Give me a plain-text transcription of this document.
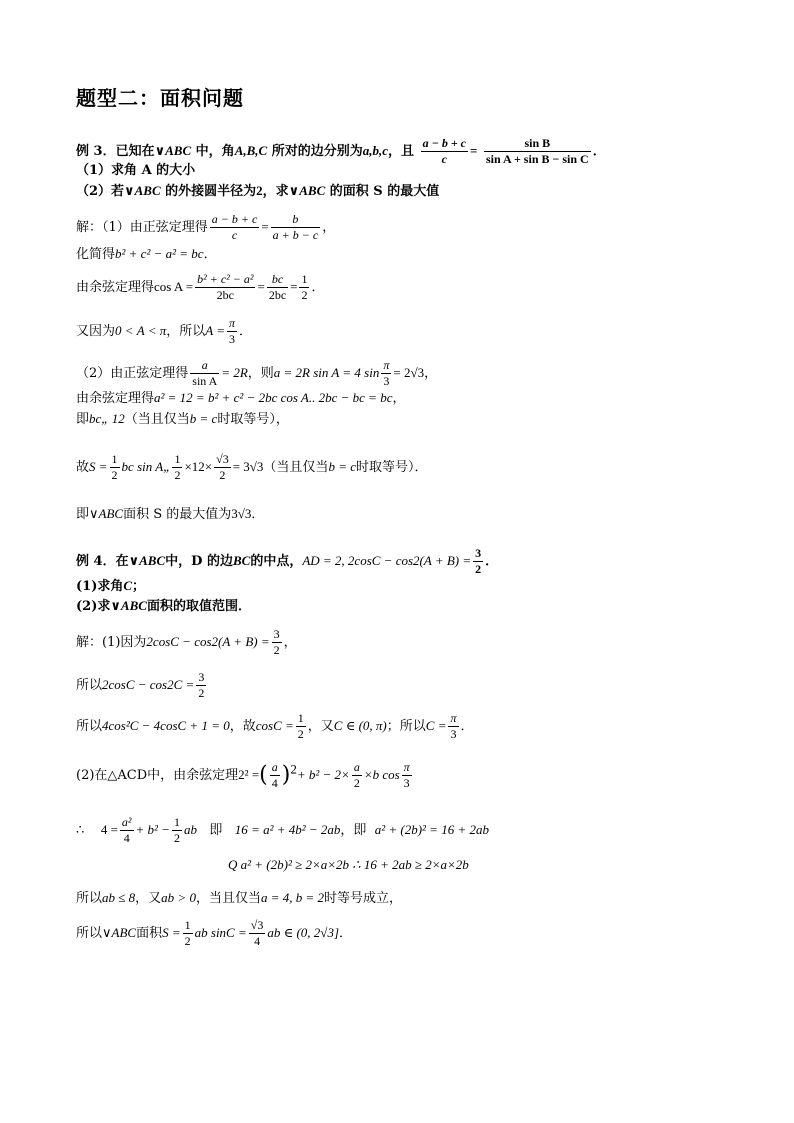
题型二：面积问题
例 3．已知在∨ABC 中，角A,B,C 所对的边分别为a,b,c，且 $\frac{a - b + c}{c} = \frac{\text{sin B}}{\text{sin A + sin B − sin C}}$ ．
（1）求角 A 的大小
（2）若∨ABC 的外接圆半径为2，求∨ABC 的面积 S 的最大值
解：（1）由正弦定理得 $\frac{a - b + c}{c} = \frac{b}{a + b - c}$ ，
化简得b² + c² − a² = bc．
由余弦定理得$\cos A = \frac{\text{b² + c² − a²}}{2bc} = \frac{bc}{2bc} = \frac{1}{2}$ ．
又因为0 < A < π，所以$A = \frac{\pi}{3}$ ．
（2）由正弦定理得 $\frac{a}{\text{sin A}} = 2R$，则a = 2R sin A = 4 $\sin \frac{\pi}{3} = 2√3$，
由余弦定理得a² = 12 = b² + c² − 2bc cos A.. 2bc − bc = bc，
即bc„ 12（当且仅当b = c时取等号），
故$S = \frac{1}{2}$ bc sin A„ $\frac{1}{2} \times 12\times \frac{√3}{2} = 3√3$（当且仅当b = c时取等号）．
即∨ABC面积 S 的最大值为3√3．
例 4．在∨ABC中，D 的边BC的中点，AD = 2, $2\cos C - \cos 2(A + B) = \frac{3}{2}$ ．
(1)求角C；
(2)求∨ABC面积的取值范围．
解：(1)因为$2\cos C - \cos 2(A + B) = \frac{3}{2}$ ，
所以$2\cos C - \cos 2C = \frac{3}{2}$
所以4cos²C − 4cosC + 1 = 0，故$\cos C = \frac{1}{2}$ ，又C ∈ (0, π)；所以$C = \frac{\pi}{3}$ ．
(2)在△ACD中，由余弦定理2² =( $\frac{a}{4} )^2+ b^2 - 2\times \frac{a}{2} \times b$ $\cos \frac{\pi}{3}$
∴ $4 = \frac{\text{a²}}{4} + b^2 - \frac{1}{2}$ ab 即 16 = a² + 4b² − 2ab，即 a² + (2b)² = 16 + 2ab
Q a² + (2b)² ≥ 2×a×2b ∴ 16 + 2ab ≥ 2×a×2b
所以ab ≤ 8，又ab > 0，当且仅当a = 4, b = 2时等号成立，
所以∨ABC面积$S = \frac{1}{2}$ ab $\sin C = \frac{√3}{4}$ ab ∈ (0, 2√3]．
